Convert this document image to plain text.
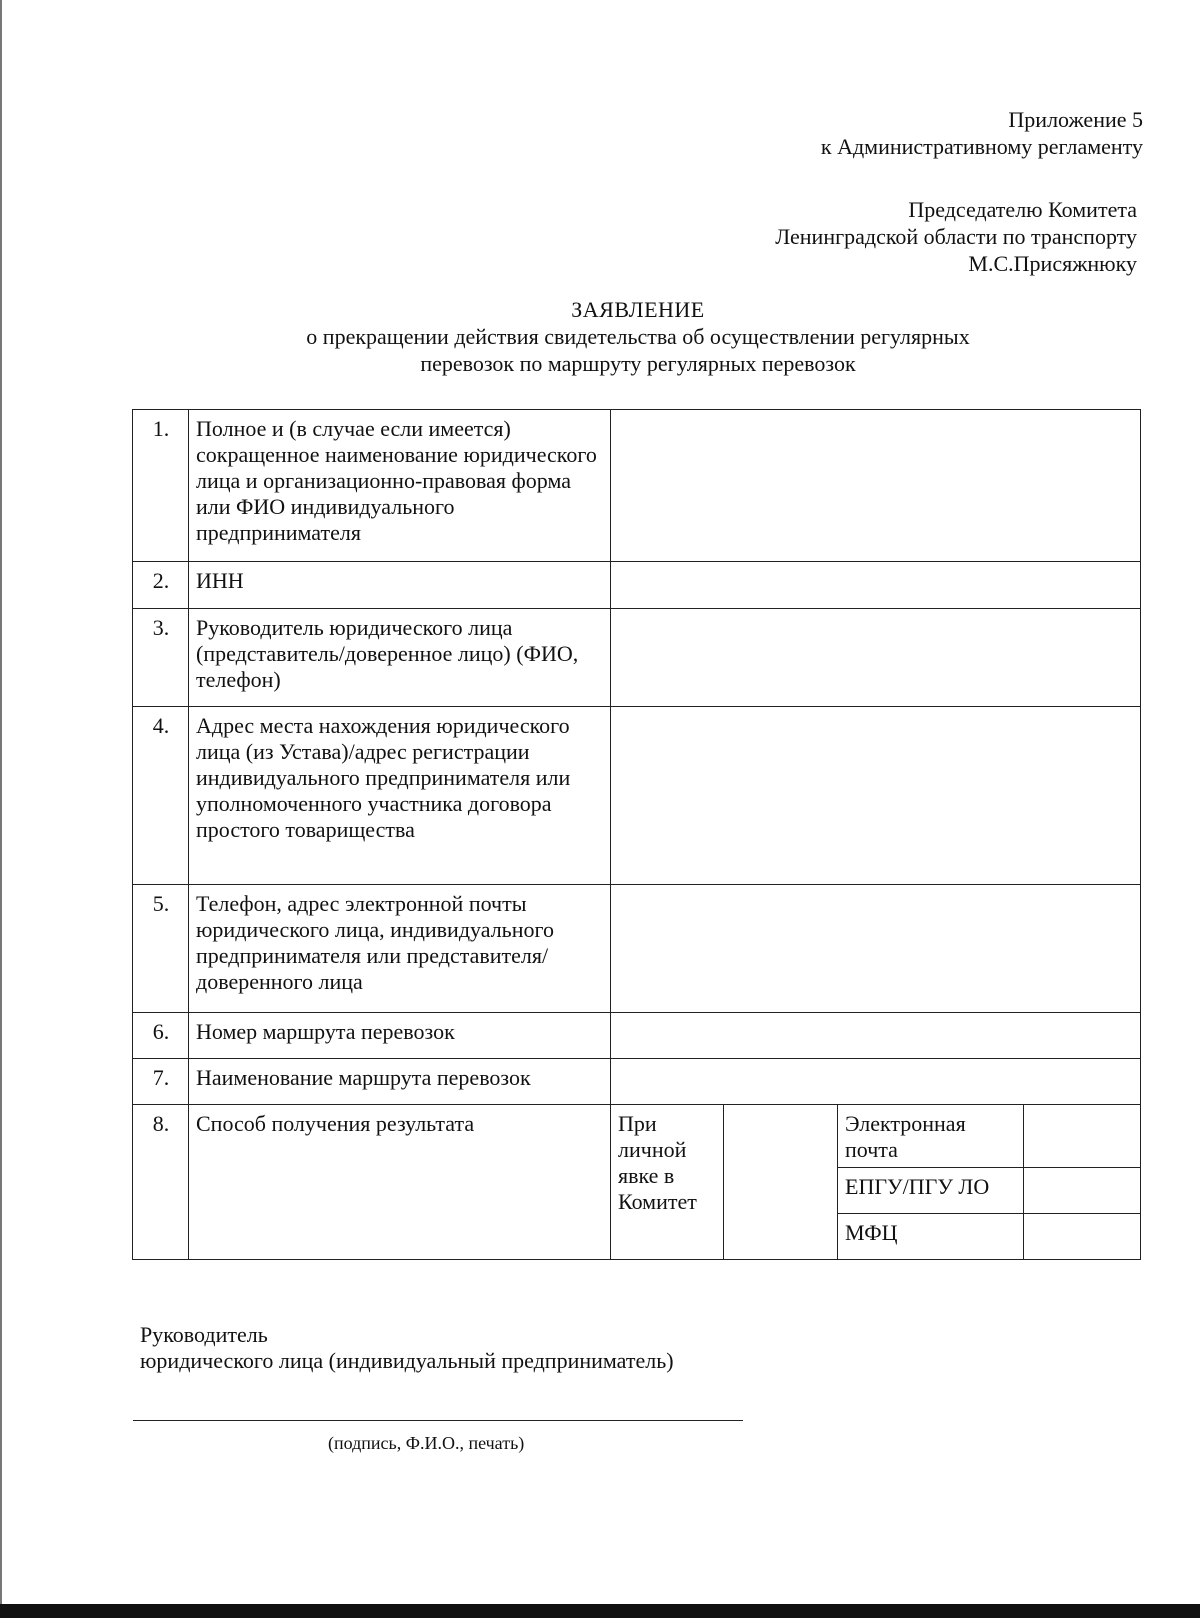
Приложение 5
к Административному регламенту
Председателю Комитета
Ленинградской области по транспорту
М.С.Присяжнюку
ЗАЯВЛЕНИЕ
о прекращении действия свидетельства об осуществлении регулярных
перевозок по маршруту регулярных перевозок
1.	Полное и (в случае если имеется) сокращенное наименование юридического лица и организационно-правовая форма или ФИО индивидуального предпринимателя				
2.	ИНН				
3.	Руководитель юридического лица (представитель/доверенное лицо) (ФИО, телефон)				
4.	Адрес места нахождения юридического лица (из Устава)/адрес регистрации индивидуального предпринимателя или уполномоченного участника договора простого товарищества				
5.	Телефон, адрес электронной почты юридического лица, индивидуального предпринимателя или представителя/доверенного лица				
6.	Номер маршрута перевозок				
7.	Наименование маршрута перевозок				
8.	Способ получения результата	При личной явке в Комитет		Электронная почта	
				ЕПГУ/ПГУ ЛО	
				МФЦ	
Руководитель
юридического лица (индивидуальный предприниматель)
(подпись, Ф.И.О., печать)
